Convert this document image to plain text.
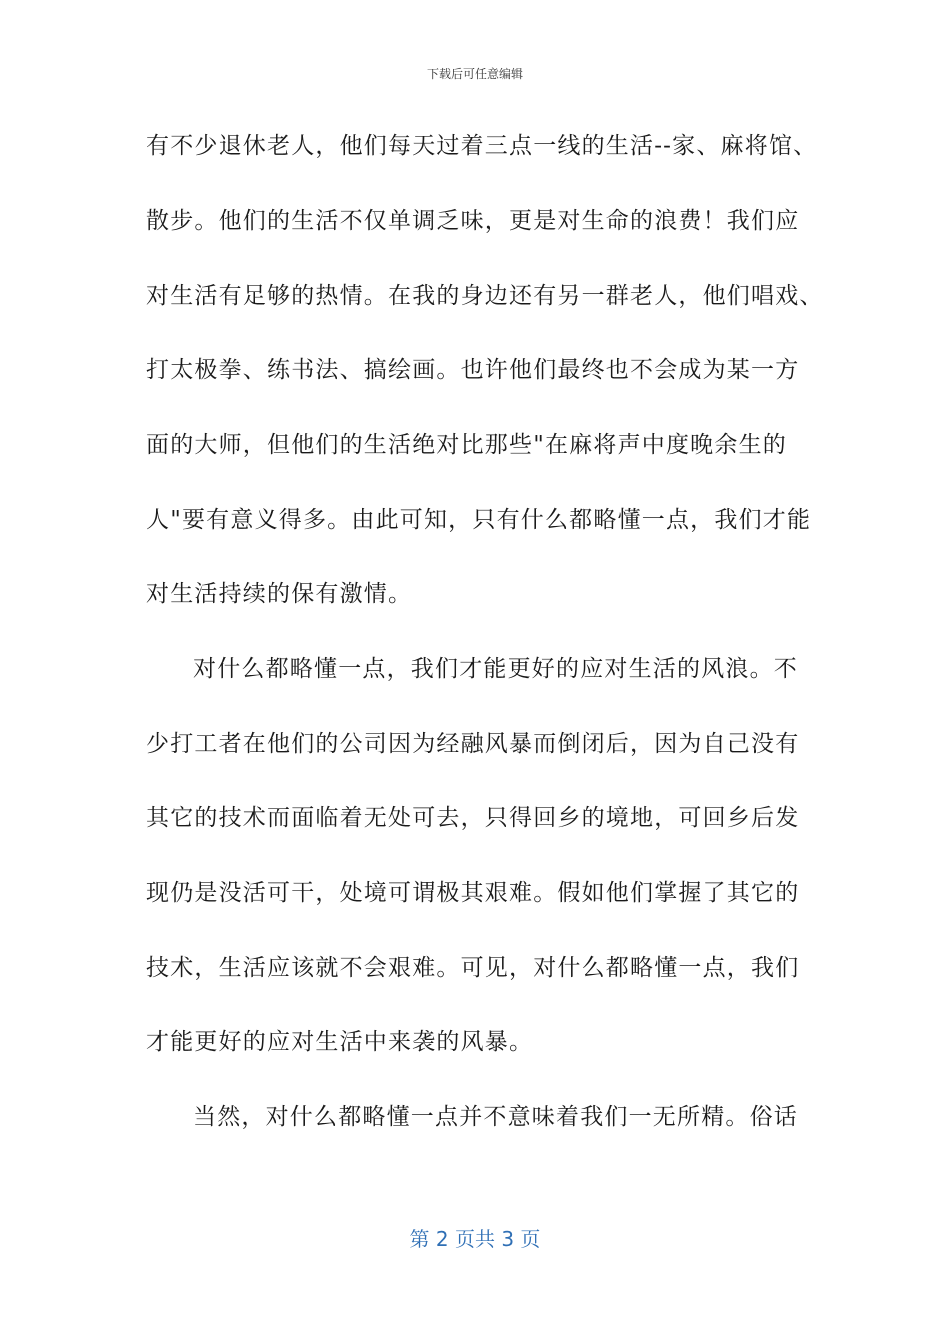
下载后可任意编辑
有不少退休老人，他们每天过着三点一线的生活--家、麻将馆、
散步。他们的生活不仅单调乏味，更是对生命的浪费！我们应
对生活有足够的热情。在我的身边还有另一群老人，他们唱戏、
打太极拳、练书法、搞绘画。也许他们最终也不会成为某一方
面的大师，但他们的生活绝对比那些"在麻将声中度晚余生的
人"要有意义得多。由此可知，只有什么都略懂一点，我们才能
对生活持续的保有激情。
对什么都略懂一点，我们才能更好的应对生活的风浪。不
少打工者在他们的公司因为经融风暴而倒闭后，因为自己没有
其它的技术而面临着无处可去，只得回乡的境地，可回乡后发
现仍是没活可干，处境可谓极其艰难。假如他们掌握了其它的
技术，生活应该就不会艰难。可见，对什么都略懂一点，我们
才能更好的应对生活中来袭的风暴。
当然，对什么都略懂一点并不意味着我们一无所精。俗话
第 2 页共 3 页
